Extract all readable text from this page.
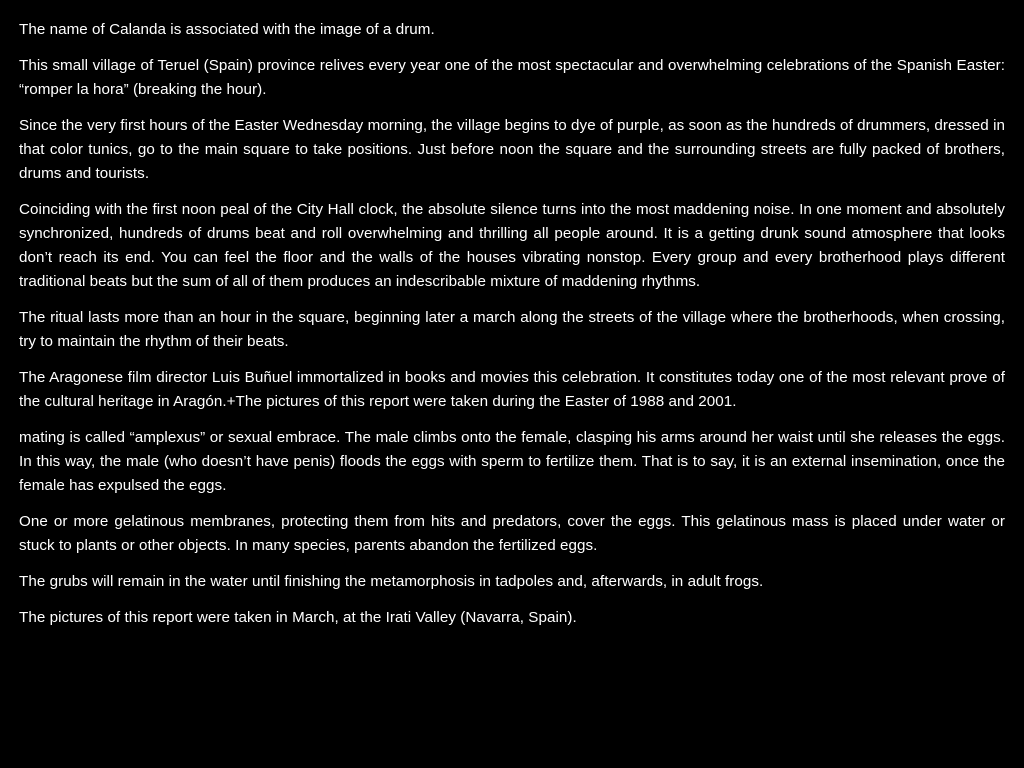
The name of Calanda is associated with the image of a drum.

This small village of Teruel (Spain) province relives every year one of the most spectacular and overwhelming celebrations of the Spanish Easter: “romper la hora” (breaking the hour).

Since the very first hours of the Easter Wednesday morning, the village begins to dye of purple, as soon as the hundreds of drummers, dressed in that color tunics, go to the main square to take positions. Just before noon the square and the surrounding streets are fully packed of brothers, drums and tourists.

Coinciding with the first noon peal of the City Hall clock, the absolute silence turns into the most maddening noise. In one moment and absolutely synchronized, hundreds of drums beat and roll overwhelming and thrilling all people around. It is a getting drunk sound atmosphere that looks don’t reach its end. You can feel the floor and the walls of the houses vibrating nonstop. Every group and every brotherhood plays different traditional beats but the sum of all of them produces an indescribable mixture of maddening rhythms.

The ritual lasts more than an hour in the square, beginning later a march along the streets of the village where the brotherhoods, when crossing, try to maintain the rhythm of their beats.

The Aragonese film director Luis Buñuel immortalized in books and movies this celebration. It constitutes today one of the most relevant prove of the cultural heritage in Aragón.+The pictures of this report were taken during the Easter of 1988 and 2001.

mating is called “amplexus” or sexual embrace. The male climbs onto the female, clasping his arms around her waist until she releases the eggs. In this way, the male (who doesn’t have penis) floods the eggs with sperm to fertilize them. That is to say, it is an external insemination, once the female has expulsed the eggs.

One or more gelatinous membranes, protecting them from hits and predators, cover the eggs. This gelatinous mass is placed under water or stuck to plants or other objects. In many species, parents abandon the fertilized eggs.

The grubs will remain in the water until finishing the metamorphosis in tadpoles and, afterwards, in adult frogs.

The pictures of this report were taken in March, at the Irati Valley (Navarra, Spain).
